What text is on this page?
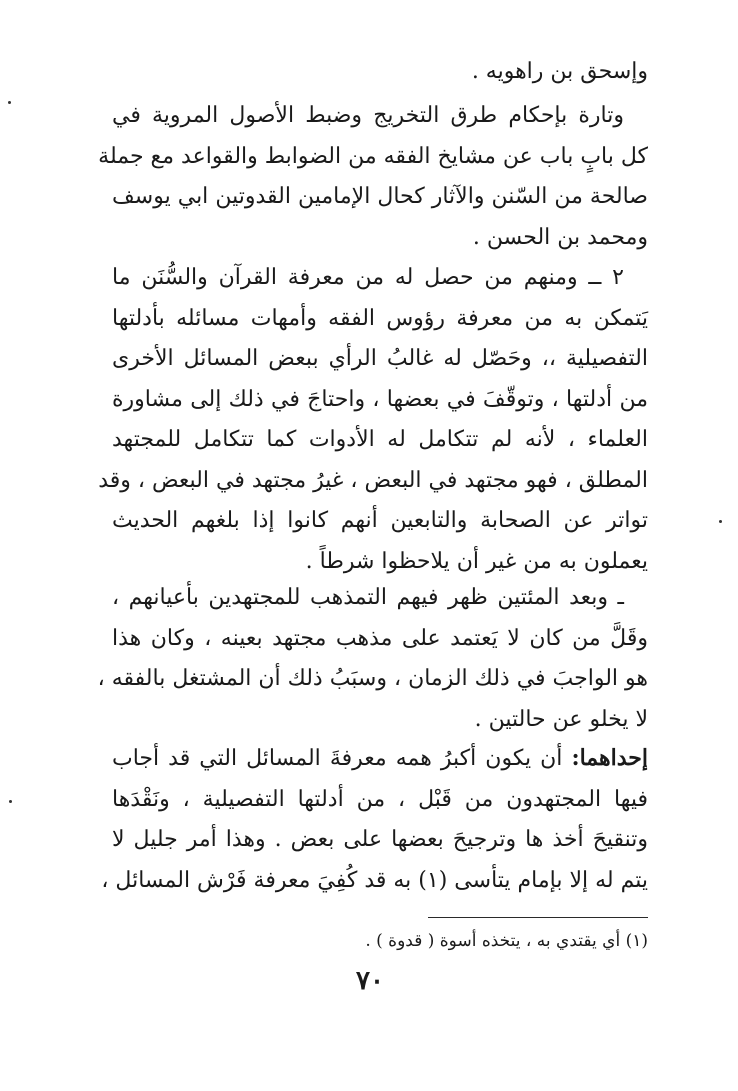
وإسحق بن راهويه .
وتارة بإحكام طرق التخريج وضبط الأصول المروية في
كل بابٍ باب عن مشايخ الفقه من الضوابط والقواعد مع جملة
صالحة من السّنن والآثار كحال الإمامين القدوتين ابي يوسف
ومحمد بن الحسن .
٢ ــ ومنهم من حصل له من معرفة القرآن والسُّنَن ما
يَتمكن به من معرفة رؤوس الفقه وأمهات مسائله بأدلتها
التفصيلية ،، وحَصّل له غالبُ الرأي ببعض المسائل الأخرى
من أدلتها ، وتوقّفَ في بعضها ، واحتاجَ في ذلك إلى مشاورة
العلماء ، لأنه لم تتكامل له الأدوات كما تتكامل للمجتهد
المطلق ، فهو مجتهد في البعض ، غيرُ مجتهد في البعض ، وقد
تواتر عن الصحابة والتابعين أنهم كانوا إذا بلغهم الحديث
يعملون به من غير أن يلاحظوا شرطاً .
ـ وبعد المئتين ظهر فيهم التمذهب للمجتهدين بأعيانهم ،
وقَلَّ من كان لا يَعتمد على مذهب مجتهد بعينه ، وكان هذا
هو الواجبَ في ذلك الزمان ، وسبَبُ ذلك أن المشتغل بالفقه ،
لا يخلو عن حالتين .
إحداهما: أن يكون أكبرُ همه معرفةَ المسائل التي قد أجاب
فيها المجتهدون من قَبْل ، من أدلتها التفصيلية ، ونَقْدَها
وتنقيحَ أخذ ها وترجيحَ بعضها على بعض . وهذا أمر جليل لا
يتم له إلا بإمام يتأسى (١) به قد كُفِيَ معرفة فَرْش المسائل ،
(١) أي يقتدي به ، يتخذه أسوة ( قدوة ) .
٧٠
